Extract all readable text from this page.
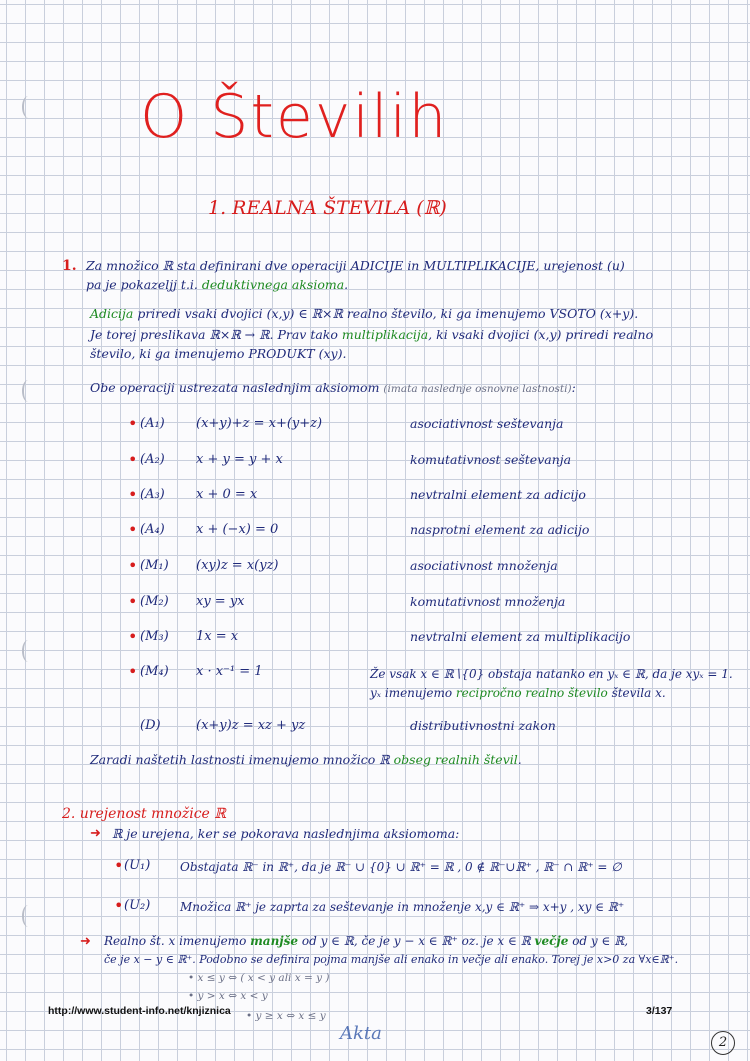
O Številih
1. REALNA ŠTEVILA (ℝ)
1. Za množico ℝ sta definirani dve operaciji ADICIJE in MULTIPLIKACIJE, urejenost (u)
pa je pokazeljj t.i. deduktivnega aksioma.
Adicija priredi vsaki dvojici (x,y) ∈ ℝ×ℝ realno število, ki ga imenujemo VSOTO (x+y).
Je torej preslikava ℝ×ℝ → ℝ. Prav tako multiplikacija, ki vsaki dvojici (x,y) priredi realno
število, ki ga imenujemo PRODUKT (xy).
Obe operaciji ustrezata naslednjim aksiomom (imata naslednje osnovne lastnosti):
• (A₁) (x+y)+z = x+(y+z)	asociativnost seštevanja
• (A₂) x + y = y + x	komutativnost seštevanja
• (A₃) x + 0 = x	nevtralni element za adicijo
• (A₄) x + (−x) = 0	nasprotni element za adicijo
• (M₁) (xy)z = x(yz)	asociativnost množenja
• (M₂) xy = yx	komutativnost množenja
• (M₃) 1x = x	nevtralni element za multiplikacijo
• (M₄) x · x⁻¹ = 1	Že vsak x ∈ ℝ∖{0} obstaja natanko en yₓ ∈ ℝ, da je xyₓ = 1.
yₓ imenujemo recipročno realno število števila x.
(D)	(x+y)z = xz + yz	distributivnostni zakon
Zaradi naštetih lastnosti imenujemo množico ℝ obseg realnih števil.
2. urejenost množice ℝ
➜ ℝ je urejena, ker se pokorava naslednjima aksiomoma:
• (U₁) Obstajata ℝ⁻ in ℝ⁺, da je ℝ⁻ ∪ {0} ∪ ℝ⁺ = ℝ , 0 ∉ ℝ⁻∪ℝ⁺ , ℝ⁻ ∩ ℝ⁺ = ∅
• (U₂) Množica ℝ⁺ je zaprta za seštevanje in množenje x,y ∈ ℝ⁺ ⇒ x+y , xy ∈ ℝ⁺
➜ Realno št. x imenujemo manjše od y ∈ ℝ, če je y − x ∈ ℝ⁺ oz. je x ∈ ℝ večje od y ∈ ℝ,
če je x − y ∈ ℝ⁺. Podobno se definira pojma manjše ali enako in večje ali enako. Torej je x>0 za ∀x∈ℝ⁺.
• x ≤ y ⇔ ( x < y ali x = y )
• y > x ⇔ x < y
• y ≥ x ⇔ x ≤ y
http://www.student-info.net/knjiznica	3/137
Akta	2
